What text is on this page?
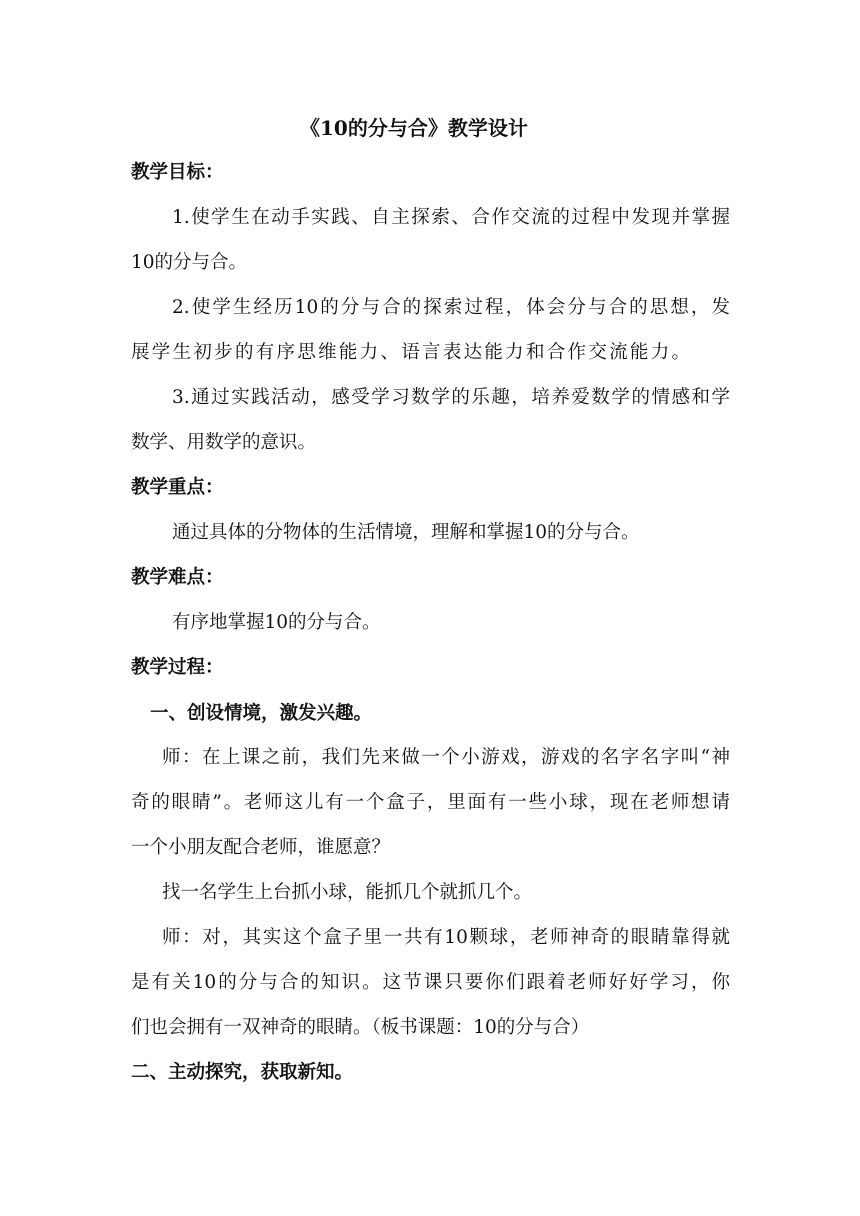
《10的分与合》教学设计
教学目标：
1.使学生在动手实践、自主探索、合作交流的过程中发现并掌握
10的分与合。
2.使学生经历10的分与合的探索过程，体会分与合的思想，发
展学生初步的有序思维能力、语言表达能力和合作交流能力。
3.通过实践活动，感受学习数学的乐趣，培养爱数学的情感和学
数学、用数学的意识。
教学重点：
通过具体的分物体的生活情境，理解和掌握10的分与合。
教学难点：
有序地掌握10的分与合。
教学过程：
一、创设情境，激发兴趣。
师：在上课之前，我们先来做一个小游戏，游戏的名字名字叫“神
奇的眼睛”。老师这儿有一个盒子，里面有一些小球，现在老师想请
一个小朋友配合老师，谁愿意？
找一名学生上台抓小球，能抓几个就抓几个。
师：对，其实这个盒子里一共有10颗球，老师神奇的眼睛靠得就
是有关10的分与合的知识。这节课只要你们跟着老师好好学习，你
们也会拥有一双神奇的眼睛。（板书课题：10的分与合）
二、主动探究，获取新知。
